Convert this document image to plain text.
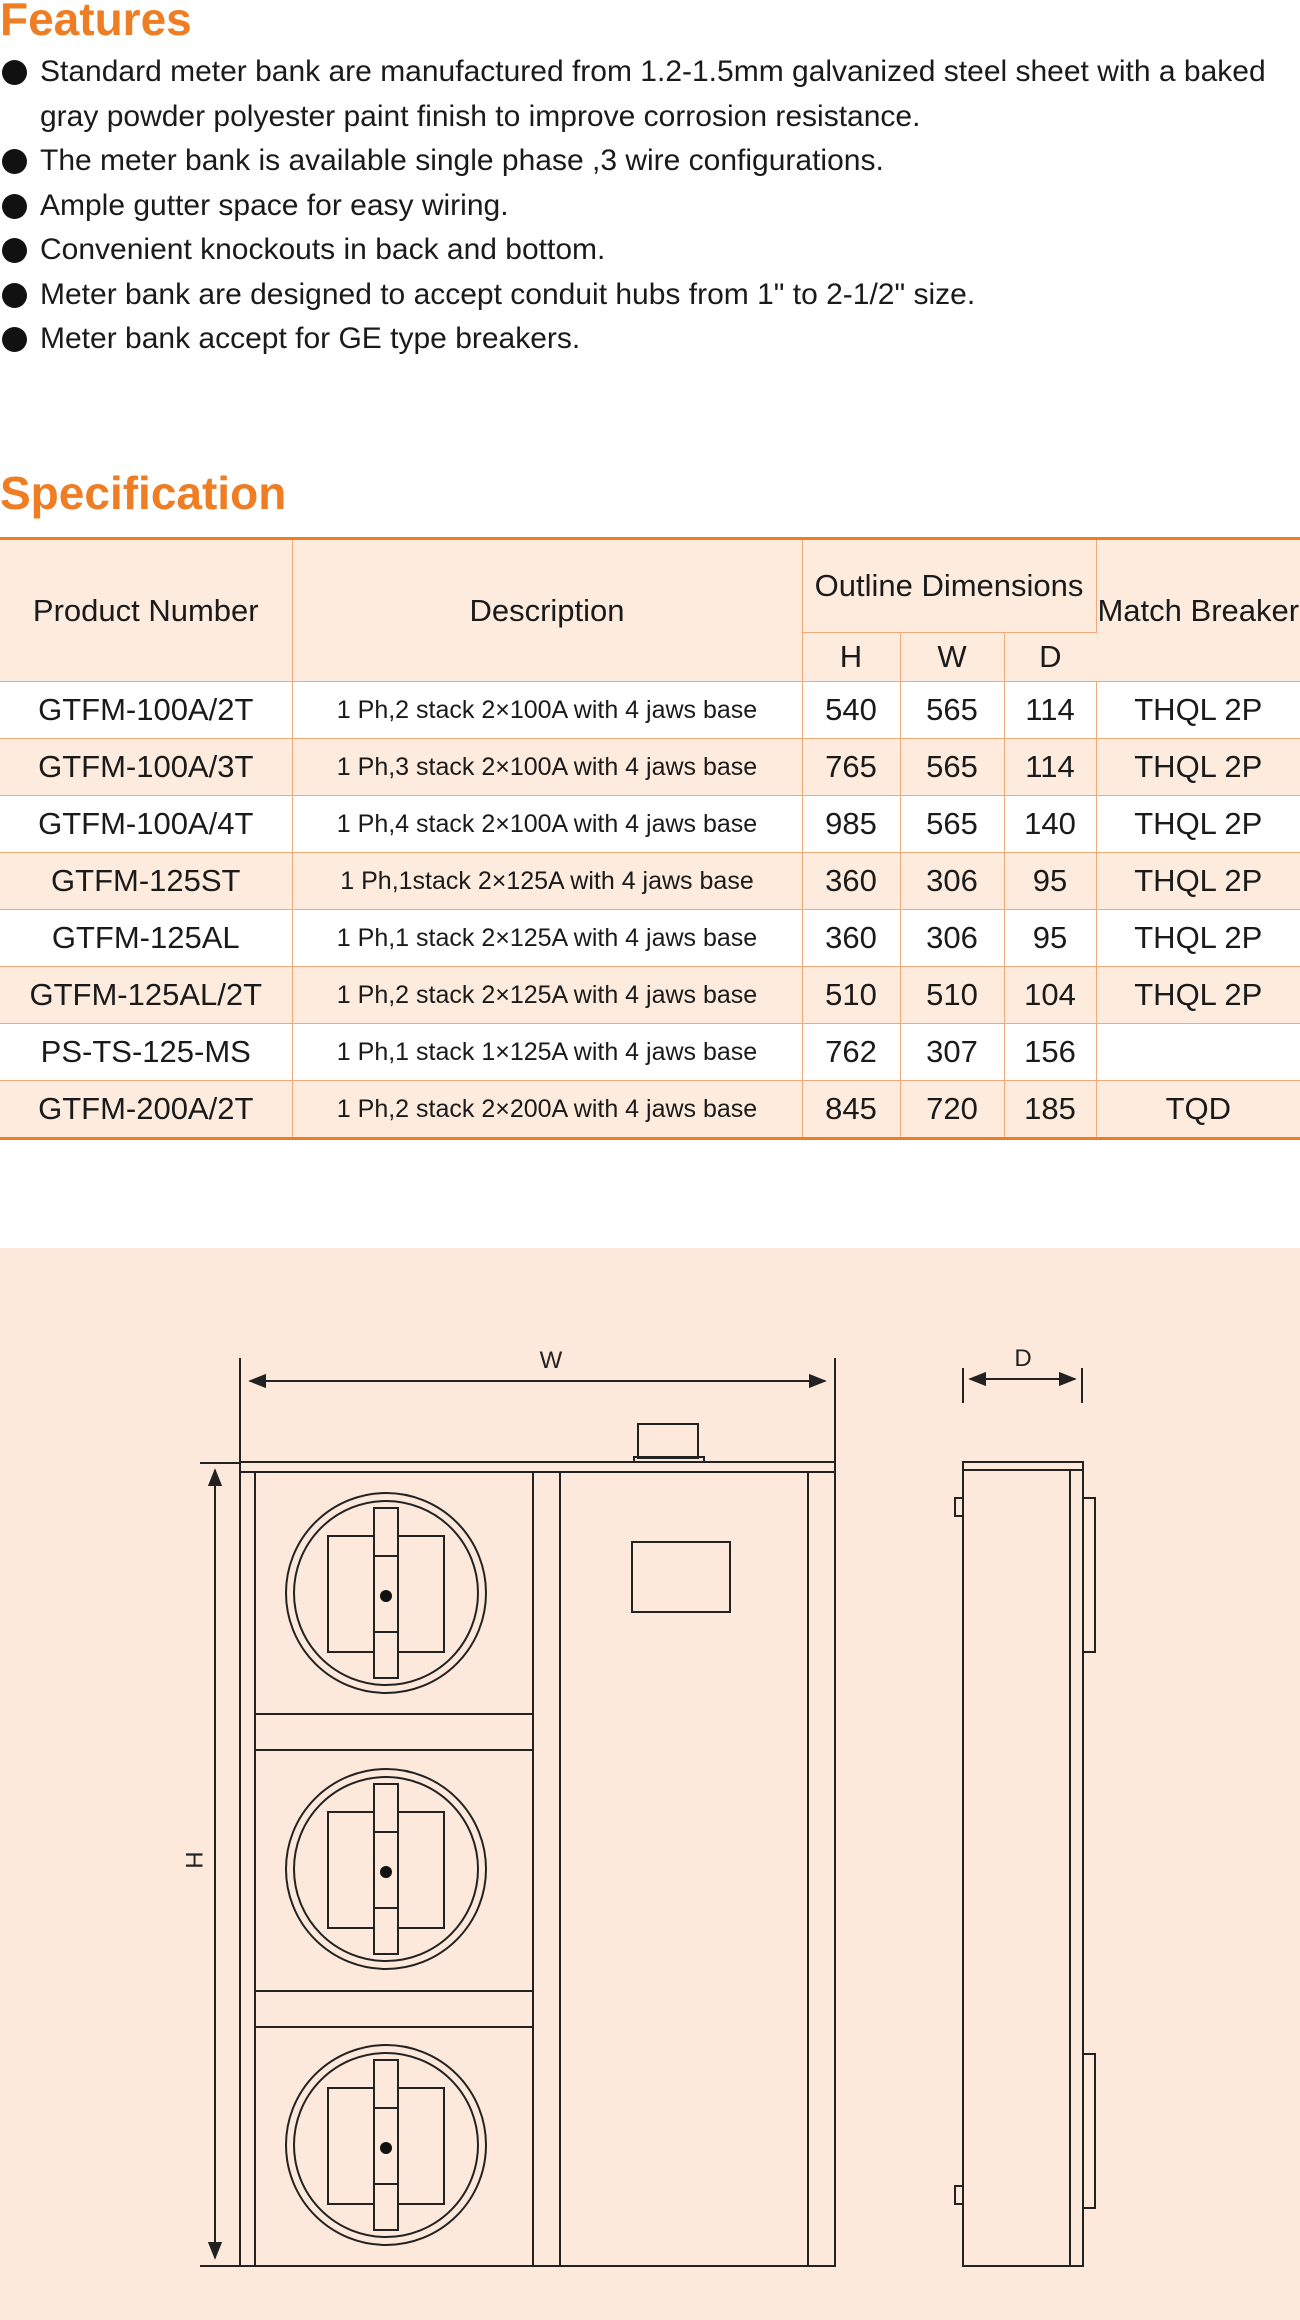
Features
Standard meter bank are manufactured from 1.2-1.5mm galvanized steel sheet with a baked gray powder polyester paint finish to improve corrosion resistance.
The meter bank is available single phase ,3 wire configurations.
Ample gutter space for easy wiring.
Convenient knockouts in back and bottom.
Meter bank are designed to accept conduit hubs from 1" to 2-1/2" size.
Meter bank accept for GE type breakers.
Specification
Product Number	Description	Outline Dimensions			Match Breaker
		H	W	D	
GTFM-100A/2T	1 Ph,2 stack 2×100A with 4 jaws base	540	565	114	THQL 2P
GTFM-100A/3T	1 Ph,3 stack 2×100A with 4 jaws base	765	565	114	THQL 2P
GTFM-100A/4T	1 Ph,4 stack 2×100A with 4 jaws base	985	565	140	THQL 2P
GTFM-125ST	1 Ph,1stack 2×125A with 4 jaws base	360	306	95	THQL 2P
GTFM-125AL	1 Ph,1 stack 2×125A with 4 jaws base	360	306	95	THQL 2P
GTFM-125AL/2T	1 Ph,2 stack 2×125A with 4 jaws base	510	510	104	THQL 2P
PS-TS-125-MS	1 Ph,1 stack 1×125A with 4 jaws base	762	307	156	
GTFM-200A/2T	1 Ph,2 stack 2×200A with 4 jaws base	845	720	185	TQD
W	D
H
